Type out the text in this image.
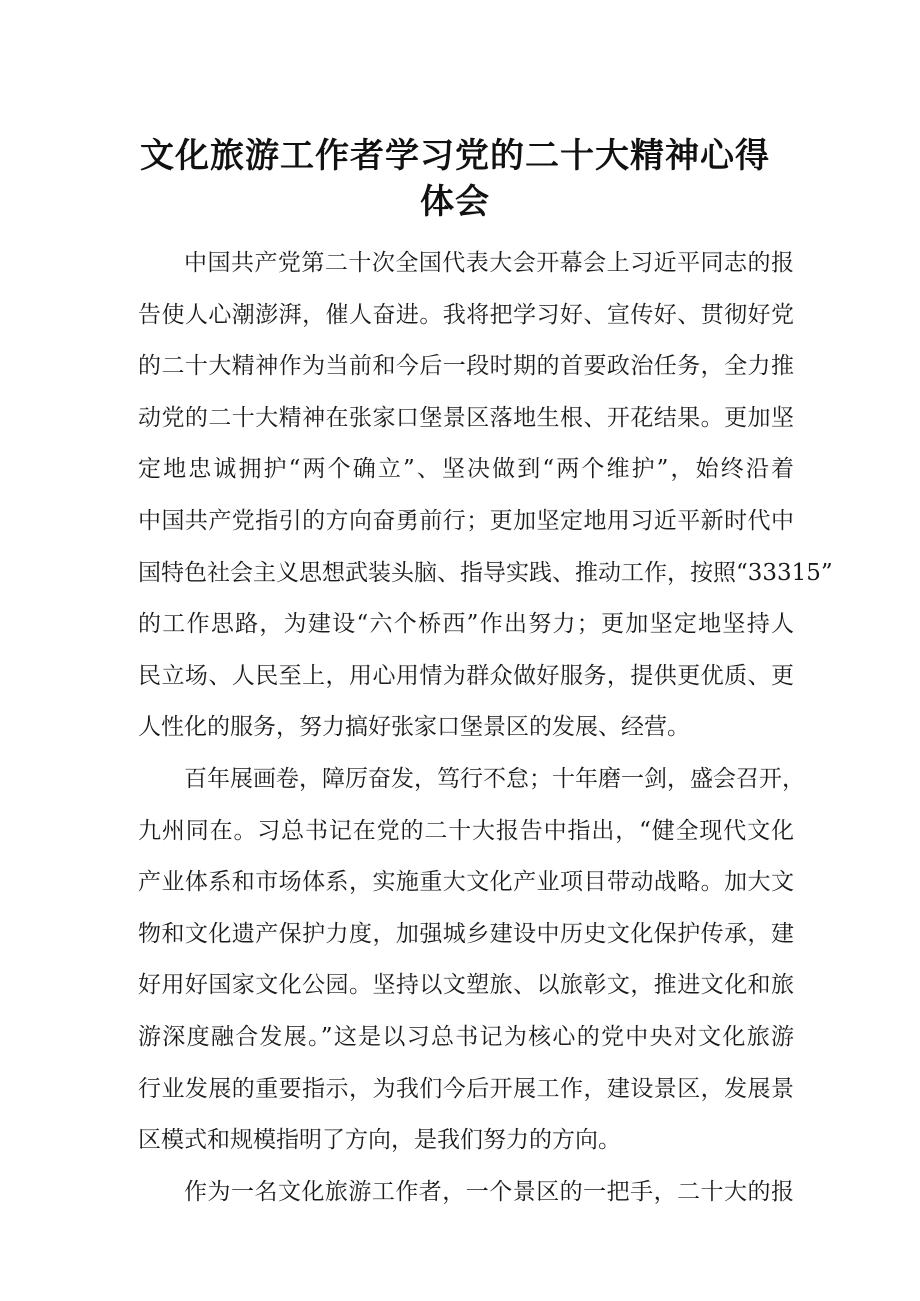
文化旅游工作者学习党的二十大精神心得
体会
中国共产党第二十次全国代表大会开幕会上习近平同志的报
告使人心潮澎湃，催人奋进。我将把学习好、宣传好、贯彻好党
的二十大精神作为当前和今后一段时期的首要政治任务，全力推
动党的二十大精神在张家口堡景区落地生根、开花结果。更加坚
定地忠诚拥护“两个确立”、坚决做到“两个维护”，始终沿着
中国共产党指引的方向奋勇前行；更加坚定地用习近平新时代中
国特色社会主义思想武装头脑、指导实践、推动工作，按照“33315”
的工作思路，为建设“六个桥西”作出努力；更加坚定地坚持人
民立场、人民至上，用心用情为群众做好服务，提供更优质、更
人性化的服务，努力搞好张家口堡景区的发展、经营。
百年展画卷，障厉奋发，笃行不怠；十年磨一剑，盛会召开，
九州同在。习总书记在党的二十大报告中指出，“健全现代文化
产业体系和市场体系，实施重大文化产业项目带动战略。加大文
物和文化遗产保护力度，加强城乡建设中历史文化保护传承，建
好用好国家文化公园。坚持以文塑旅、以旅彰文，推进文化和旅
游深度融合发展。”这是以习总书记为核心的党中央对文化旅游
行业发展的重要指示，为我们今后开展工作，建设景区，发展景
区模式和规模指明了方向，是我们努力的方向。
作为一名文化旅游工作者，一个景区的一把手，二十大的报
